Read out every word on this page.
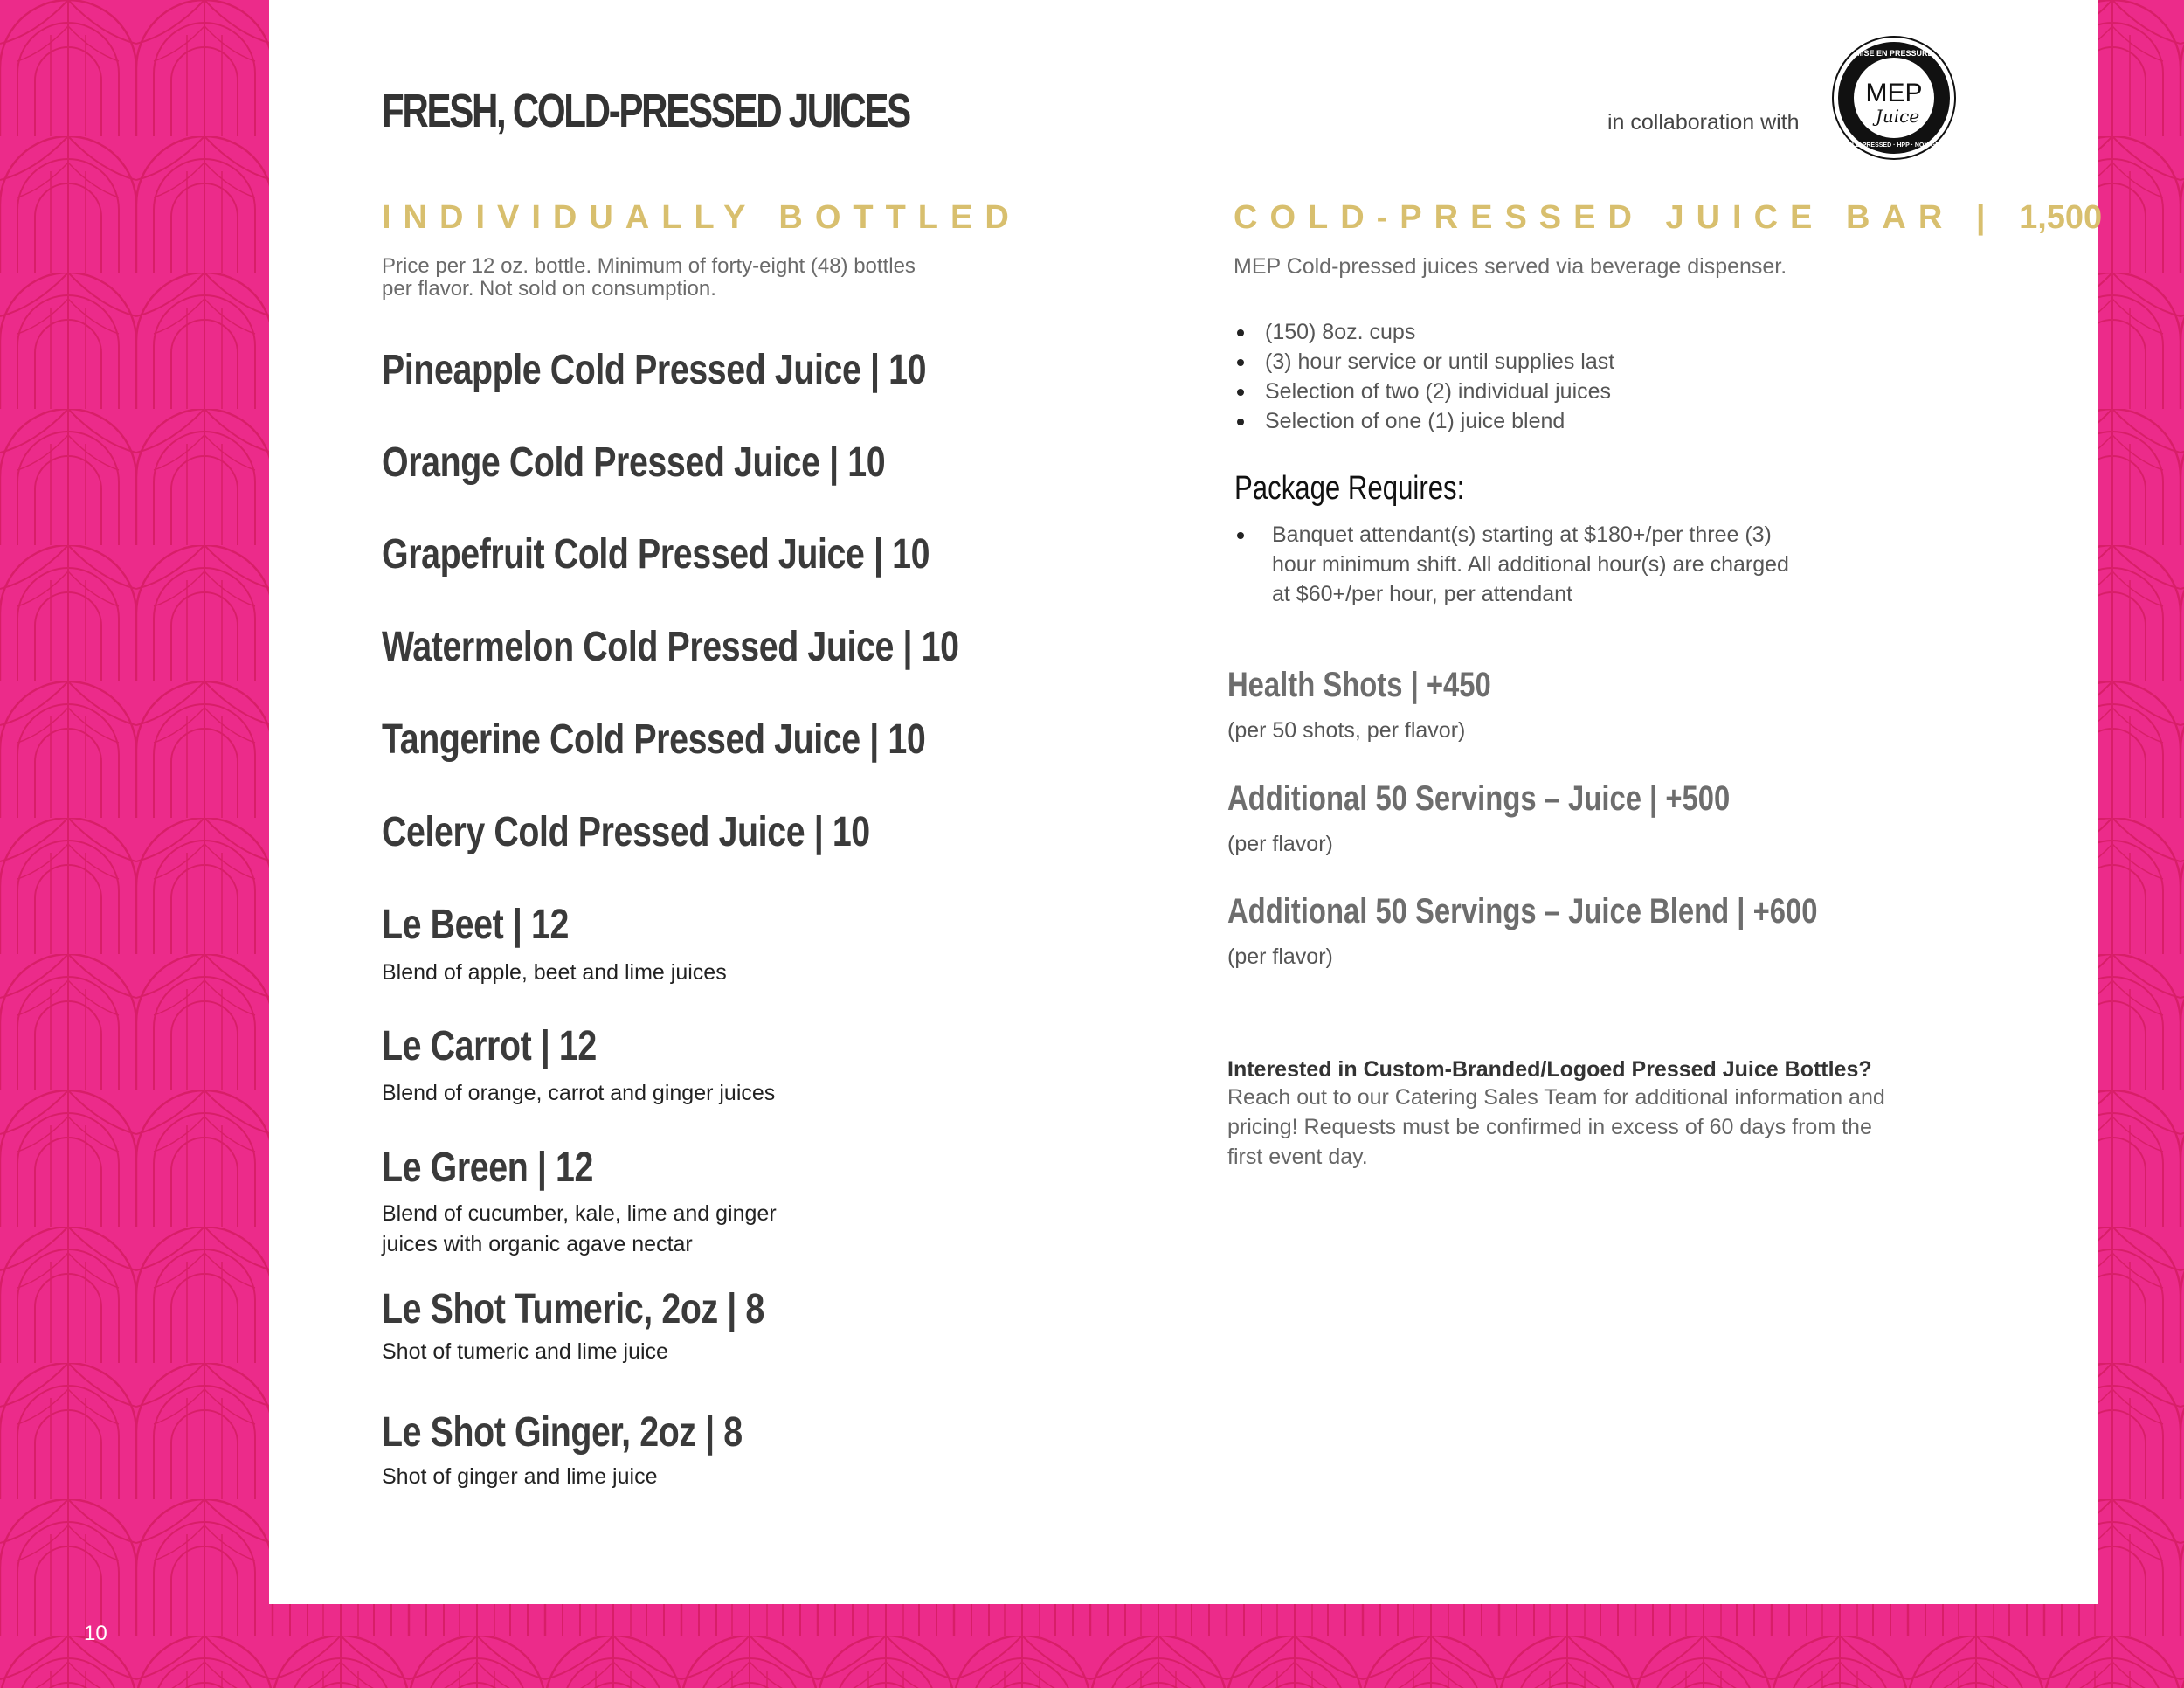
FRESH, COLD-PRESSED JUICES	in collaboration with
MISE EN PRESSURE
MEP
Juice
COLD-PRESSED · HPP · NON-GMO
INDIVIDUALLY BOTTLED
Price per 12 oz. bottle. Minimum of forty-eight (48) bottles per flavor. Not sold on consumption.
Pineapple Cold Pressed Juice | 10
Orange Cold Pressed Juice | 10
Grapefruit Cold Pressed Juice | 10
Watermelon Cold Pressed Juice | 10
Tangerine Cold Pressed Juice | 10
Celery Cold Pressed Juice | 10
Le Beet | 12
Blend of apple, beet and lime juices
Le Carrot | 12
Blend of orange, carrot and ginger juices
Le Green | 12
Blend of cucumber, kale, lime and ginger juices with organic agave nectar
Le Shot Tumeric, 2oz | 8
Shot of tumeric and lime juice
Le Shot Ginger, 2oz | 8
Shot of ginger and lime juice
COLD-PRESSED JUICE BAR | 1,500
MEP Cold-pressed juices served via beverage dispenser.
(150) 8oz. cups
(3) hour service or until supplies last
Selection of two (2) individual juices
Selection of one (1) juice blend
Package Requires:
Banquet attendant(s) starting at $180+/per three (3) hour minimum shift. All additional hour(s) are charged at $60+/per hour, per attendant
Health Shots | +450
(per 50 shots, per flavor)
Additional 50 Servings – Juice | +500
(per flavor)
Additional 50 Servings – Juice Blend | +600
(per flavor)
Interested in Custom-Branded/Logoed Pressed Juice Bottles?
Reach out to our Catering Sales Team for additional information and pricing! Requests must be confirmed in excess of 60 days from the first event day.
10
